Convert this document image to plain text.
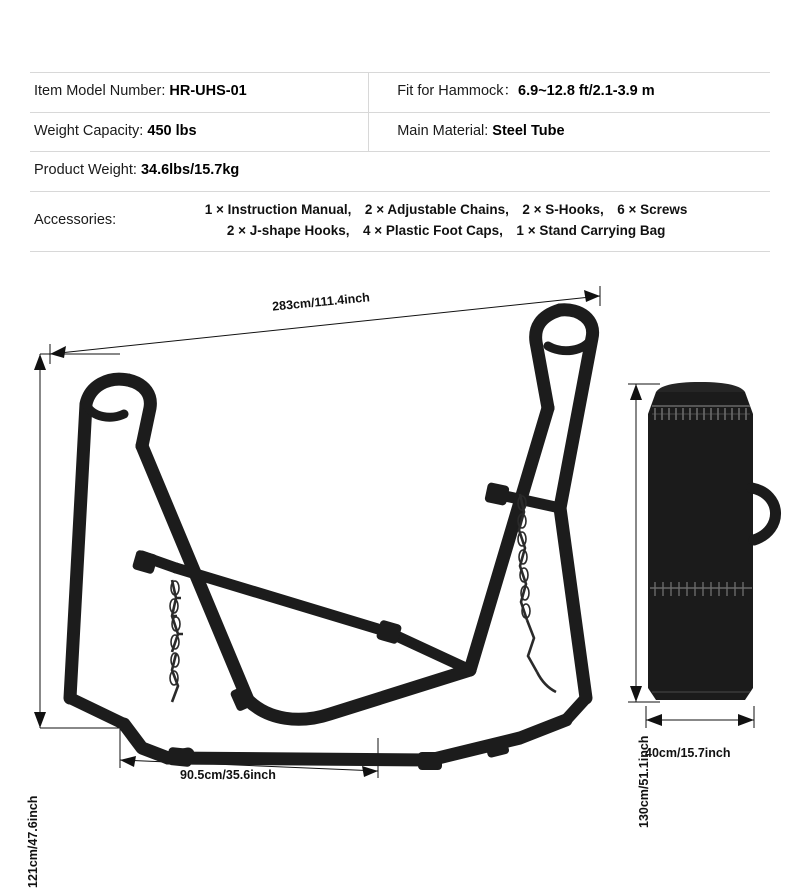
Item Model Number: HR-UHS-01	Fit for Hammock：6.9~12.8 ft/2.1-3.9 m
Weight Capacity: 450 lbs	Main Material: Steel Tube
Product Weight: 34.6lbs/15.7kg	

Accessories:
1 × Instruction Manual,　2 × Adjustable Chains,　2 × S-Hooks,　6 × Screws
2 × J-shape Hooks,　4 × Plastic Foot Caps,　1 × Stand Carrying Bag	
283cm/111.4inch
121cm/47.6inch
90.5cm/35.6inch	130cm/51.1inch
40cm/15.7inch
